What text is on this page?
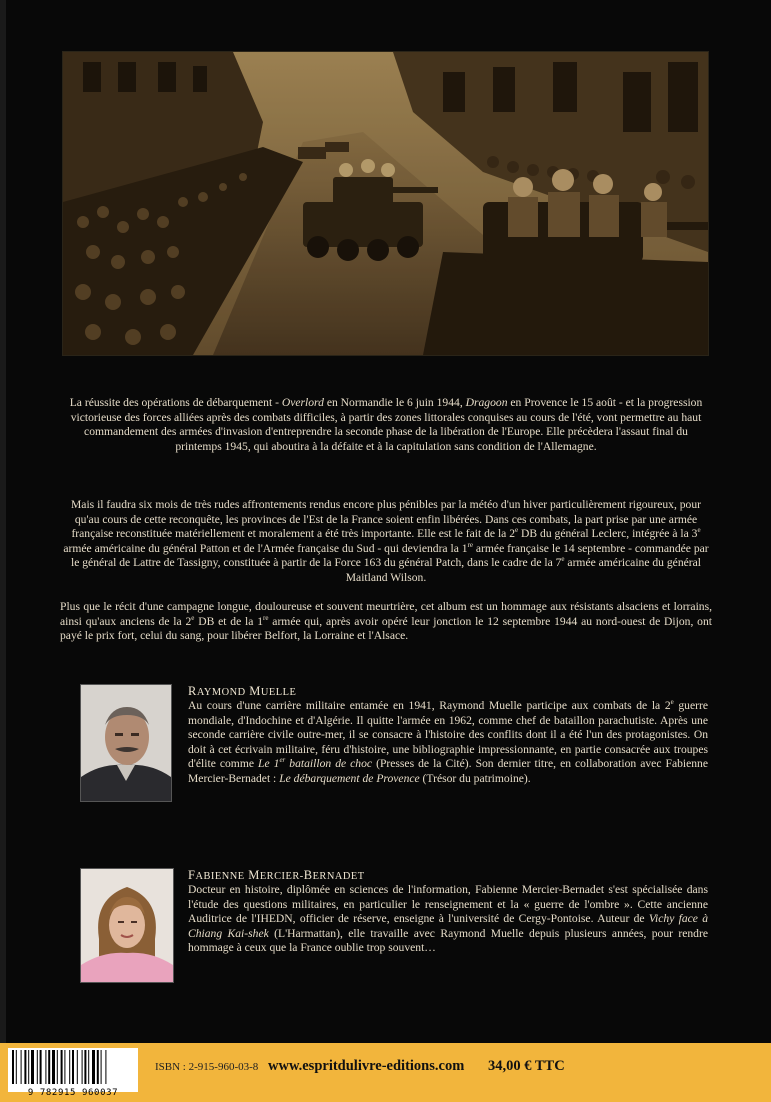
La réussite des opérations de débarquement - Overlord en Normandie le 6 juin 1944, Dragoon en Provence le 15 août - et la progression victorieuse des forces alliées après des combats difficiles, à partir des zones littorales conquises au cours de l'été, vont permettre au haut commandement des armées d'invasion d'entreprendre la seconde phase de la libération de l'Europe. Elle précèdera l'assaut final du printemps 1945, qui aboutira à la défaite et à la capitulation sans condition de l'Allemagne.

Mais il faudra six mois de très rudes affrontements rendus encore plus pénibles par la météo d'un hiver particulièrement rigoureux, pour qu'au cours de cette reconquête, les provinces de l'Est de la France soient enfin libérées. Dans ces combats, la part prise par une armée française reconstituée matériellement et moralement a été très importante. Elle est le fait de la 2e DB du général Leclerc, intégrée à la 3e armée américaine du général Patton et de l'Armée française du Sud - qui deviendra la 1re armée française le 14 septembre - commandée par le général de Lattre de Tassigny, constituée à partir de la Force 163 du général Patch, dans le cadre de la 7e armée américaine du général Maitland Wilson.

Plus que le récit d'une campagne longue, douloureuse et souvent meurtrière, cet album est un hommage aux résistants alsaciens et lorrains, ainsi qu'aux anciens de la 2e DB et de la 1re armée qui, après avoir opéré leur jonction le 12 septembre 1944 au nord-ouest de Dijon, ont payé le prix fort, celui du sang, pour libérer Belfort, la Lorraine et l'Alsace.

RAYMOND MUELLE

Au cours d'une carrière militaire entamée en 1941, Raymond Muelle participe aux combats de la 2e guerre mondiale, d'Indochine et d'Algérie. Il quitte l'armée en 1962, comme chef de bataillon parachutiste. Après une seconde carrière civile outre-mer, il se consacre à l'histoire des conflits dont il a été l'un des protagonistes. On doit à cet écrivain militaire, féru d'histoire, une bibliographie impressionnante, en partie consacrée aux troupes d'élite comme Le 1er bataillon de choc (Presses de la Cité). Son dernier titre, en collaboration avec Fabienne Mercier-Bernadet : Le débarquement de Provence (Trésor du patrimoine).

FABIENNE MERCIER-BERNADET

Docteur en histoire, diplômée en sciences de l'information, Fabienne Mercier-Bernadet s'est spécialisée dans l'étude des questions militaires, en particulier le renseignement et la « guerre de l'ombre ». Cette ancienne Auditrice de l'IHEDN, officier de réserve, enseigne à l'université de Cergy-Pontoise. Auteur de Vichy face à Chiang Kai-shek (L'Harmattan), elle travaille avec Raymond Muelle depuis plusieurs années, pour rendre hommage à ceux que la France oublie trop souvent…

9 782915 960037
ISBN : 2-915-960-03-8 www.espritdulivre-editions.com 34,00 € TTC
